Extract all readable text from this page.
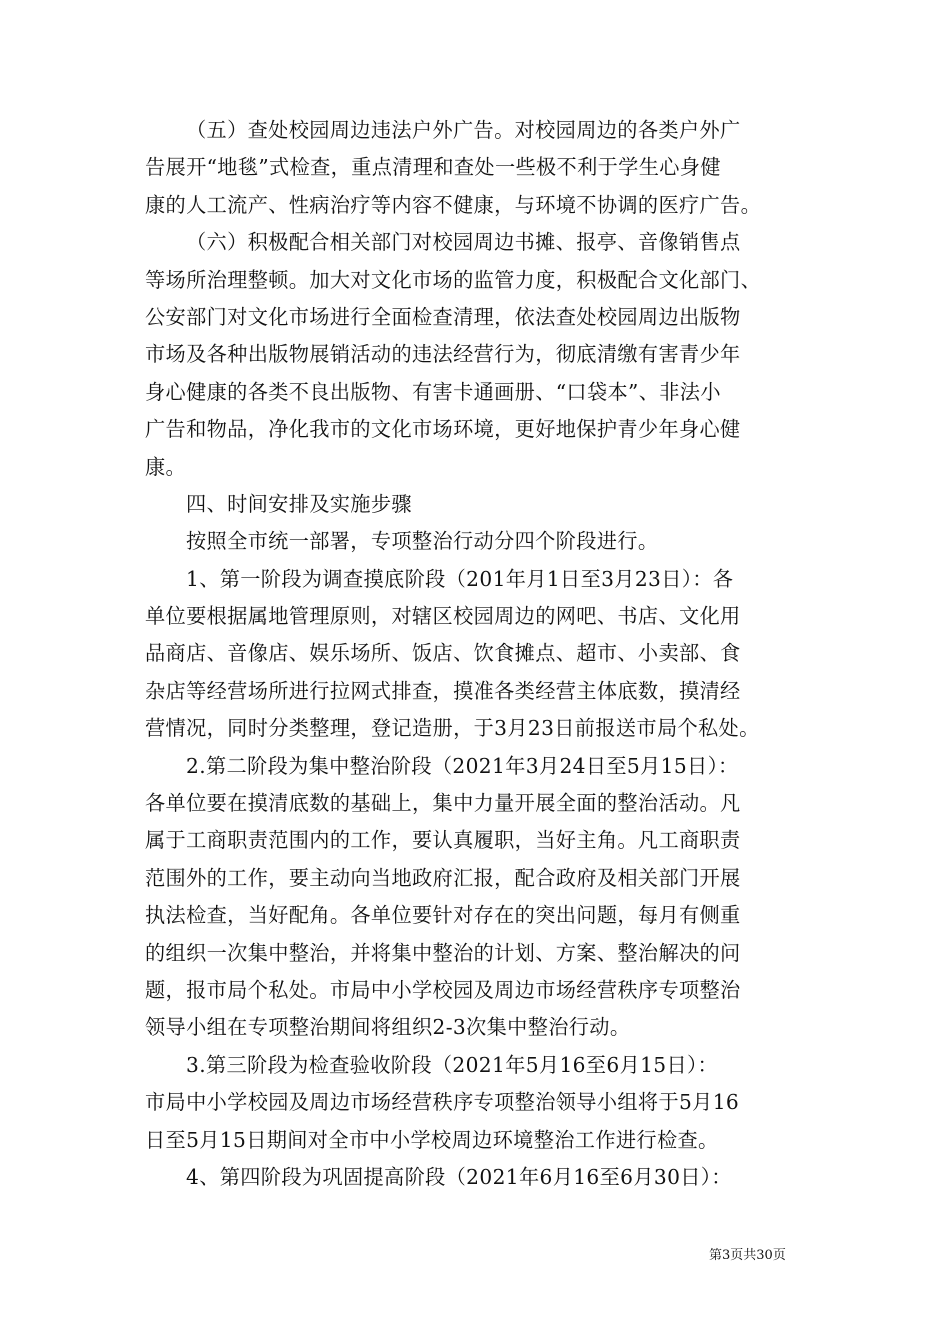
（五）查处校园周边违法户外广告。对校园周边的各类户外广
告展开“地毯”式检查，重点清理和查处一些极不利于学生心身健
康的人工流产、性病治疗等内容不健康，与环境不协调的医疗广告。
（六）积极配合相关部门对校园周边书摊、报亭、音像销售点
等场所治理整顿。加大对文化市场的监管力度，积极配合文化部门、
公安部门对文化市场进行全面检查清理，依法查处校园周边出版物
市场及各种出版物展销活动的违法经营行为，彻底清缴有害青少年
身心健康的各类不良出版物、有害卡通画册、“口袋本”、非法小
广告和物品，净化我市的文化市场环境，更好地保护青少年身心健
康。
四、时间安排及实施步骤
按照全市统一部署，专项整治行动分四个阶段进行。
1、第一阶段为调查摸底阶段（201年月1日至3月23日）：各
单位要根据属地管理原则，对辖区校园周边的网吧、书店、文化用
品商店、音像店、娱乐场所、饭店、饮食摊点、超市、小卖部、食
杂店等经营场所进行拉网式排查，摸准各类经营主体底数，摸清经
营情况，同时分类整理，登记造册，于3月23日前报送市局个私处。
2.第二阶段为集中整治阶段（2021年3月24日至5月15日）：
各单位要在摸清底数的基础上，集中力量开展全面的整治活动。凡
属于工商职责范围内的工作，要认真履职，当好主角。凡工商职责
范围外的工作，要主动向当地政府汇报，配合政府及相关部门开展
执法检查，当好配角。各单位要针对存在的突出问题，每月有侧重
的组织一次集中整治，并将集中整治的计划、方案、整治解决的问
题，报市局个私处。市局中小学校园及周边市场经营秩序专项整治
领导小组在专项整治期间将组织2-3次集中整治行动。
3.第三阶段为检查验收阶段（2021年5月16至6月15日）：
市局中小学校园及周边市场经营秩序专项整治领导小组将于5月16
日至5月15日期间对全市中小学校周边环境整治工作进行检查。
4、第四阶段为巩固提高阶段（2021年6月16至6月30日）：
第3页共30页
